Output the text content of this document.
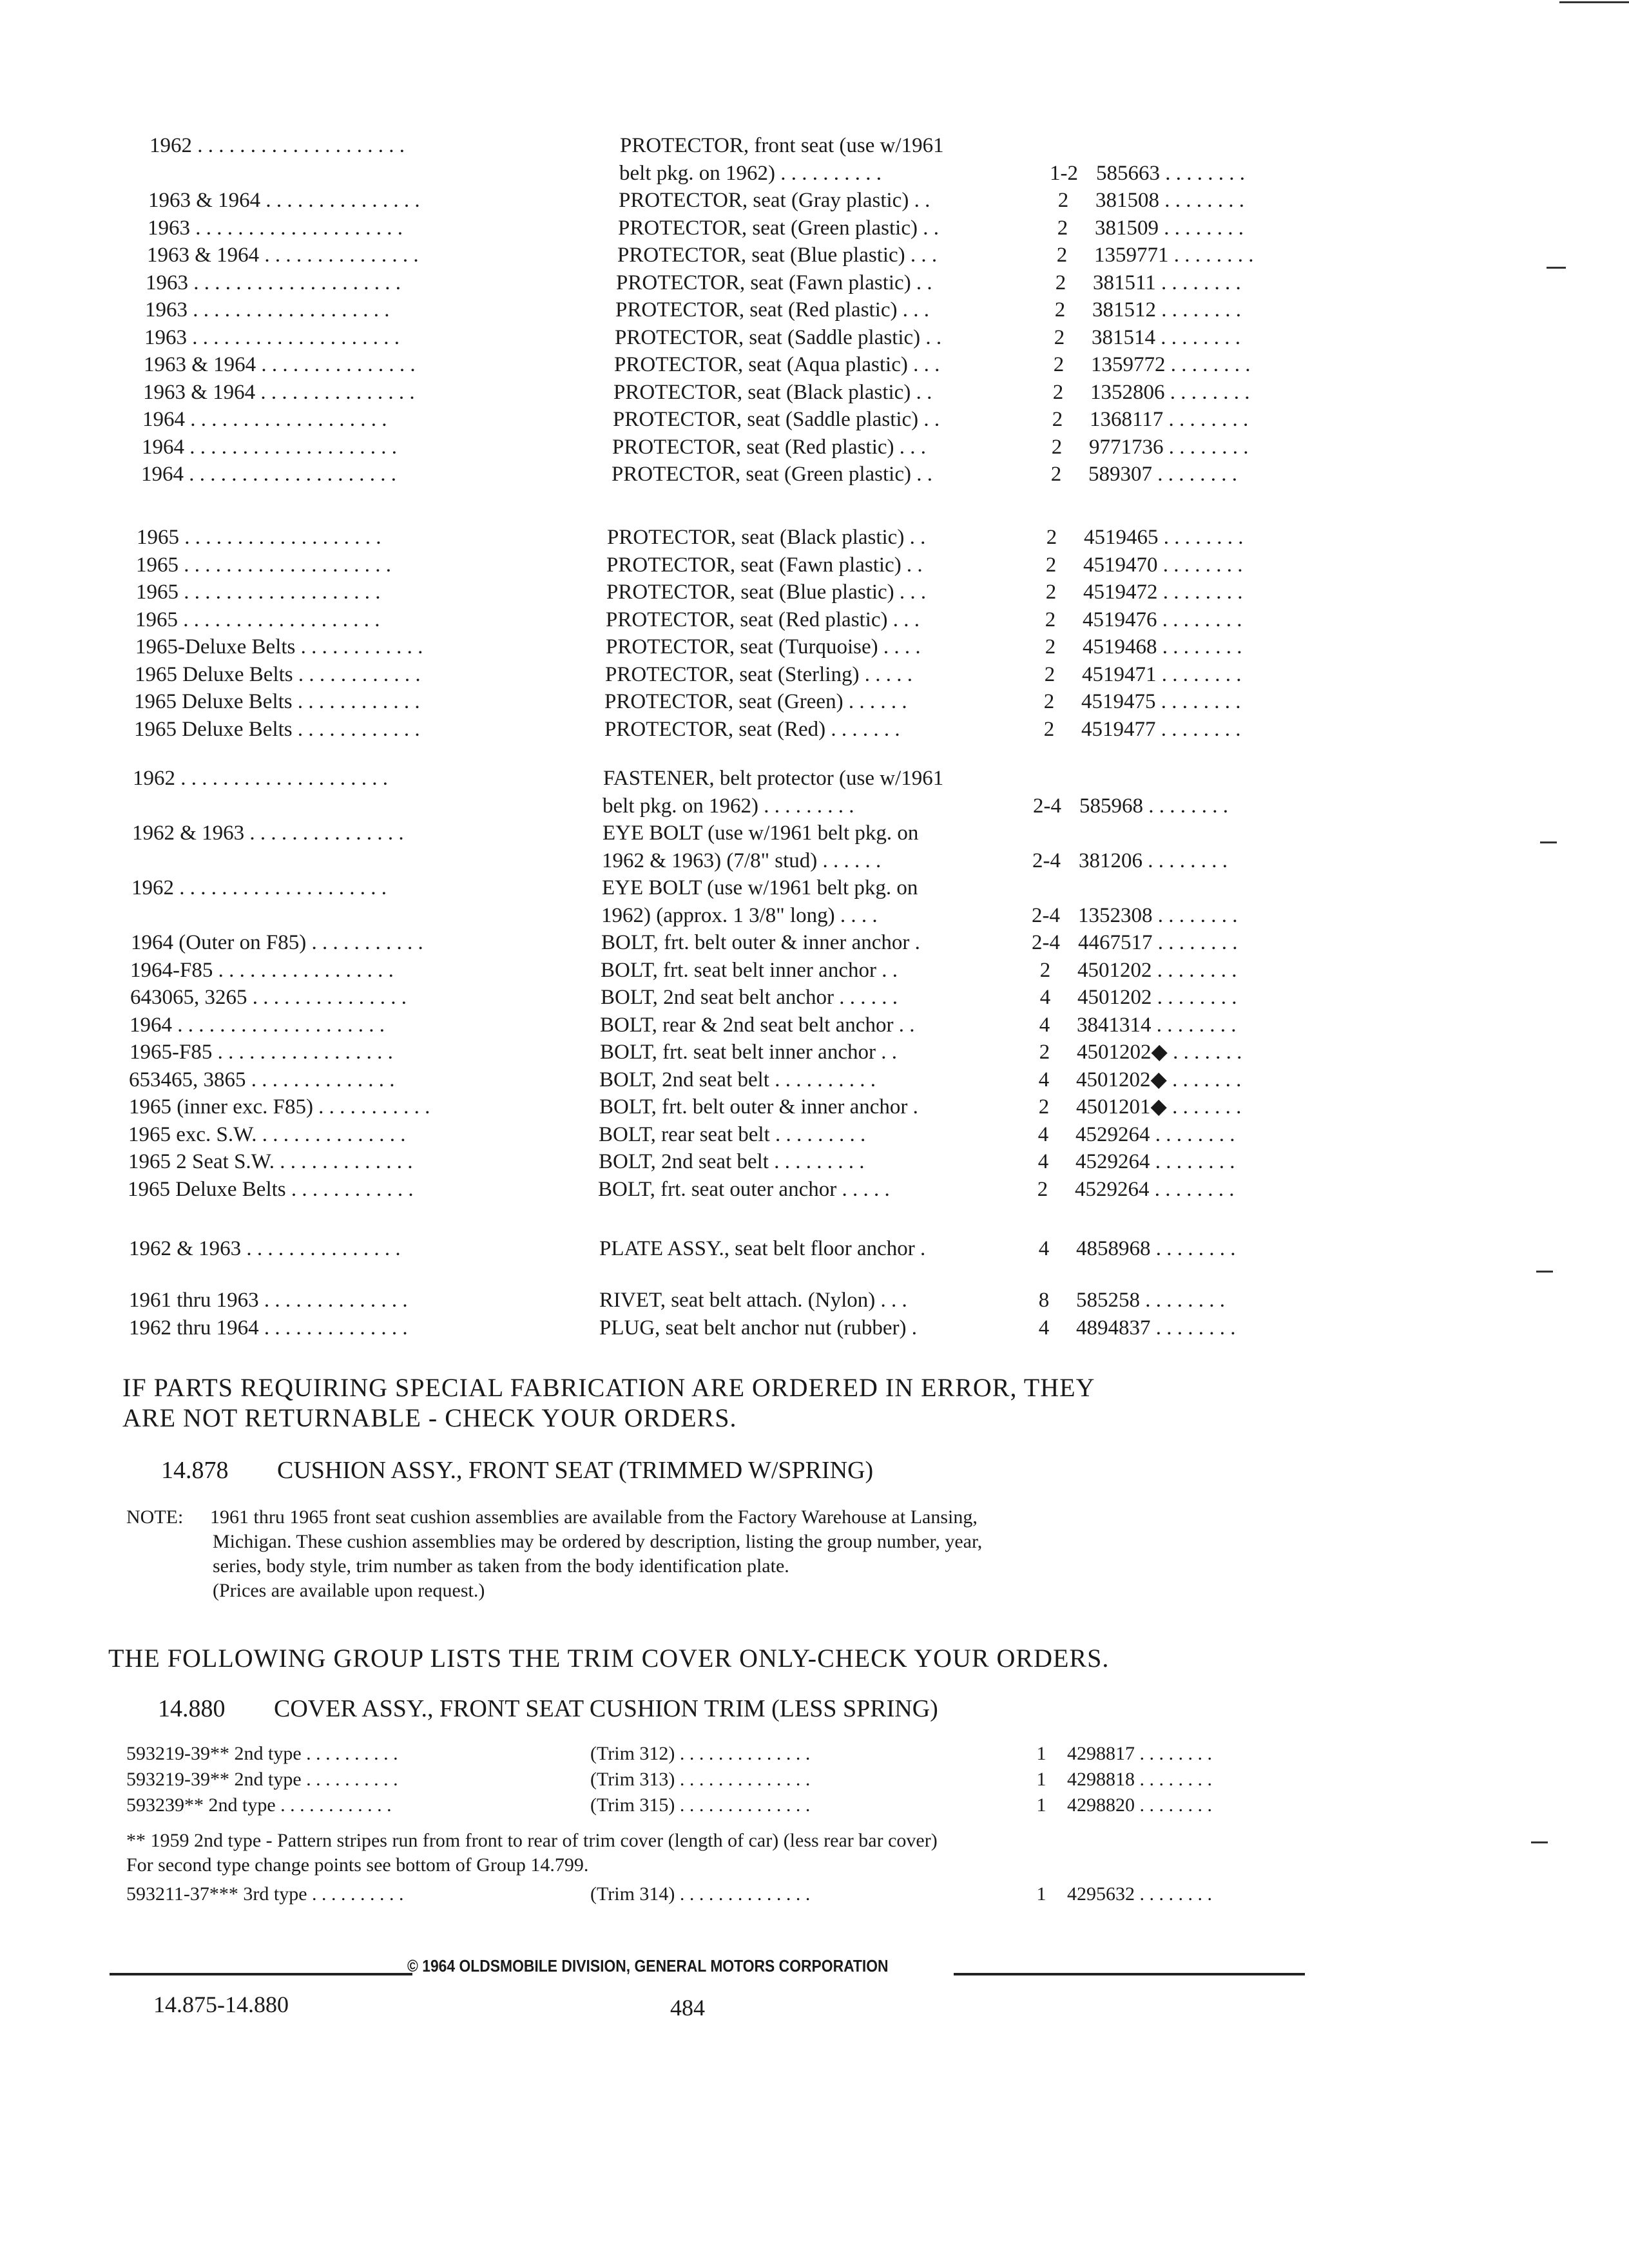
1962 . . . . . . . . . . . . . . . . . . . .	PROTECTOR, front seat (use w/1961
belt pkg. on 1962) . . . . . . . . . .	1-2 585663 . . . . . . . .
1963 & 1964 . . . . . . . . . . . . . . .	PROTECTOR, seat (Gray plastic) . .	2	381508 . . . . . . . .
1963 . . . . . . . . . . . . . . . . . . . .	PROTECTOR, seat (Green plastic) . .	2	381509 . . . . . . . .
1963 & 1964 . . . . . . . . . . . . . . .	PROTECTOR, seat (Blue plastic) . . .	2	1359771 . . . . . . . .
1963 . . . . . . . . . . . . . . . . . . . .	PROTECTOR, seat (Fawn plastic) . .	2	381511 . . . . . . . .
1963 . . . . . . . . . . . . . . . . . . .	PROTECTOR, seat (Red plastic) . . .	2	381512 . . . . . . . .
1963 . . . . . . . . . . . . . . . . . . . .	PROTECTOR, seat (Saddle plastic) . .	2	381514 . . . . . . . .
1963 & 1964 . . . . . . . . . . . . . . .	PROTECTOR, seat (Aqua plastic) . . .	2	1359772 . . . . . . . .
1963 & 1964 . . . . . . . . . . . . . . .	PROTECTOR, seat (Black plastic) . .	2	1352806 . . . . . . . .
1964 . . . . . . . . . . . . . . . . . . .	PROTECTOR, seat (Saddle plastic) . .	2	1368117 . . . . . . . .
1964 . . . . . . . . . . . . . . . . . . . .	PROTECTOR, seat (Red plastic) . . .	2	9771736 . . . . . . . .
1964 . . . . . . . . . . . . . . . . . . . .	PROTECTOR, seat (Green plastic) . .	2	589307 . . . . . . . .
1965 . . . . . . . . . . . . . . . . . . .	PROTECTOR, seat (Black plastic) . .	2	4519465 . . . . . . . .
1965 . . . . . . . . . . . . . . . . . . . .	PROTECTOR, seat (Fawn plastic) . .	2	4519470 . . . . . . . .
1965 . . . . . . . . . . . . . . . . . . .	PROTECTOR, seat (Blue plastic) . . .	2	4519472 . . . . . . . .
1965 . . . . . . . . . . . . . . . . . . .	PROTECTOR, seat (Red plastic) . . .	2	4519476 . . . . . . . .
1965-Deluxe Belts . . . . . . . . . . . .	PROTECTOR, seat (Turquoise) . . . .	2	4519468 . . . . . . . .
1965 Deluxe Belts . . . . . . . . . . . .	PROTECTOR, seat (Sterling) . . . . .	2	4519471 . . . . . . . .
1965 Deluxe Belts . . . . . . . . . . . .	PROTECTOR, seat (Green) . . . . . .	2	4519475 . . . . . . . .
1965 Deluxe Belts . . . . . . . . . . . .	PROTECTOR, seat (Red) . . . . . . .	2	4519477 . . . . . . . .
1962 . . . . . . . . . . . . . . . . . . . .	FASTENER, belt protector (use w/1961
belt pkg. on 1962) . . . . . . . . .	2-4 585968 . . . . . . . .
1962 & 1963 . . . . . . . . . . . . . . .	EYE BOLT (use w/1961 belt pkg. on
1962 & 1963) (7/8" stud) . . . . . .	2-4 381206 . . . . . . . .
1962 . . . . . . . . . . . . . . . . . . . .	EYE BOLT (use w/1961 belt pkg. on
1962) (approx. 1 3/8" long) . . . .	2-4 1352308 . . . . . . . .
1964 (Outer on F85) . . . . . . . . . . .	BOLT, frt. belt outer & inner anchor .	2-4 4467517 . . . . . . . .
1964-F85 . . . . . . . . . . . . . . . . .	BOLT, frt. seat belt inner anchor . .	2	4501202 . . . . . . . .
643065, 3265 . . . . . . . . . . . . . . .	BOLT, 2nd seat belt anchor . . . . . .	4	4501202 . . . . . . . .
1964 . . . . . . . . . . . . . . . . . . . .	BOLT, rear & 2nd seat belt anchor . .	4	3841314 . . . . . . . .
1965-F85 . . . . . . . . . . . . . . . . .	BOLT, frt. seat belt inner anchor . .	2	4501202◆ . . . . . . .
653465, 3865 . . . . . . . . . . . . . .	BOLT, 2nd seat belt . . . . . . . . . .	4	4501202◆ . . . . . . .
1965 (inner exc. F85) . . . . . . . . . . .	BOLT, frt. belt outer & inner anchor .	2	4501201◆ . . . . . . .
1965 exc. S.W. . . . . . . . . . . . . . .	BOLT, rear seat belt . . . . . . . . .	4	4529264 . . . . . . . .
1965 2 Seat S.W. . . . . . . . . . . . . .	BOLT, 2nd seat belt . . . . . . . . .	4	4529264 . . . . . . . .
1965 Deluxe Belts . . . . . . . . . . . .	BOLT, frt. seat outer anchor . . . . .	2	4529264 . . . . . . . .
1962 & 1963 . . . . . . . . . . . . . . .	PLATE ASSY., seat belt floor anchor .	4	4858968 . . . . . . . .
1961 thru 1963 . . . . . . . . . . . . . .	RIVET, seat belt attach. (Nylon) . . .	8	585258 . . . . . . . .
1962 thru 1964 . . . . . . . . . . . . . .	PLUG, seat belt anchor nut (rubber) .	4	4894837 . . . . . . . .
IF PARTS REQUIRING SPECIAL FABRICATION ARE ORDERED IN ERROR, THEY
ARE NOT RETURNABLE - CHECK YOUR ORDERS.
14.878 CUSHION ASSY., FRONT SEAT (TRIMMED W/SPRING)
NOTE: 1961 thru 1965 front seat cushion assemblies are available from the Factory Warehouse at Lansing,
Michigan. These cushion assemblies may be ordered by description, listing the group number, year,
series, body style, trim number as taken from the body identification plate.
(Prices are available upon request.)
THE FOLLOWING GROUP LISTS THE TRIM COVER ONLY-CHECK YOUR ORDERS.
14.880 COVER ASSY., FRONT SEAT CUSHION TRIM (LESS SPRING)
593219-39** 2nd type . . . . . . . . . .	(Trim 312) . . . . . . . . . . . . . .	1	4298817 . . . . . . . .
593219-39** 2nd type . . . . . . . . . .	(Trim 313) . . . . . . . . . . . . . .	1	4298818 . . . . . . . .
593239** 2nd type . . . . . . . . . . . .	(Trim 315) . . . . . . . . . . . . . .	1	4298820 . . . . . . . .
** 1959 2nd type - Pattern stripes run from front to rear of trim cover (length of car) (less rear bar cover)
For second type change points see bottom of Group 14.799.
593211-37*** 3rd type . . . . . . . . . .	(Trim 314) . . . . . . . . . . . . . .	1	4295632 . . . . . . . .
© 1964 OLDSMOBILE DIVISION, GENERAL MOTORS CORPORATION
14.875-14.880	484
